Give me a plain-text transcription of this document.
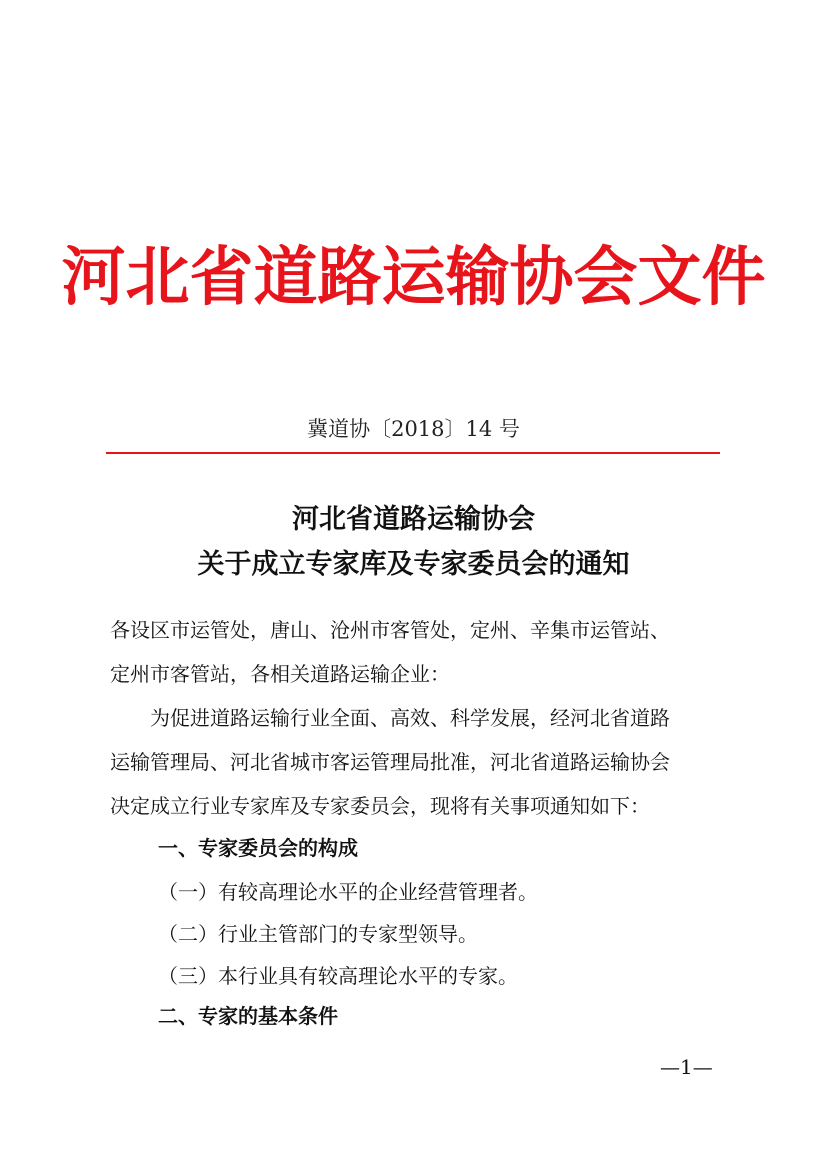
河北省道路运输协会文件
冀道协〔2018〕14 号
河北省道路运输协会
关于成立专家库及专家委员会的通知
各设区市运管处，唐山、沧州市客管处，定州、辛集市运管站、
定州市客管站，各相关道路运输企业：
为促进道路运输行业全面、高效、科学发展，经河北省道路
运输管理局、河北省城市客运管理局批准，河北省道路运输协会
决定成立行业专家库及专家委员会，现将有关事项通知如下：
一、专家委员会的构成
（一）有较高理论水平的企业经营管理者。
（二）行业主管部门的专家型领导。
（三）本行业具有较高理论水平的专家。
二、专家的基本条件
—1—
